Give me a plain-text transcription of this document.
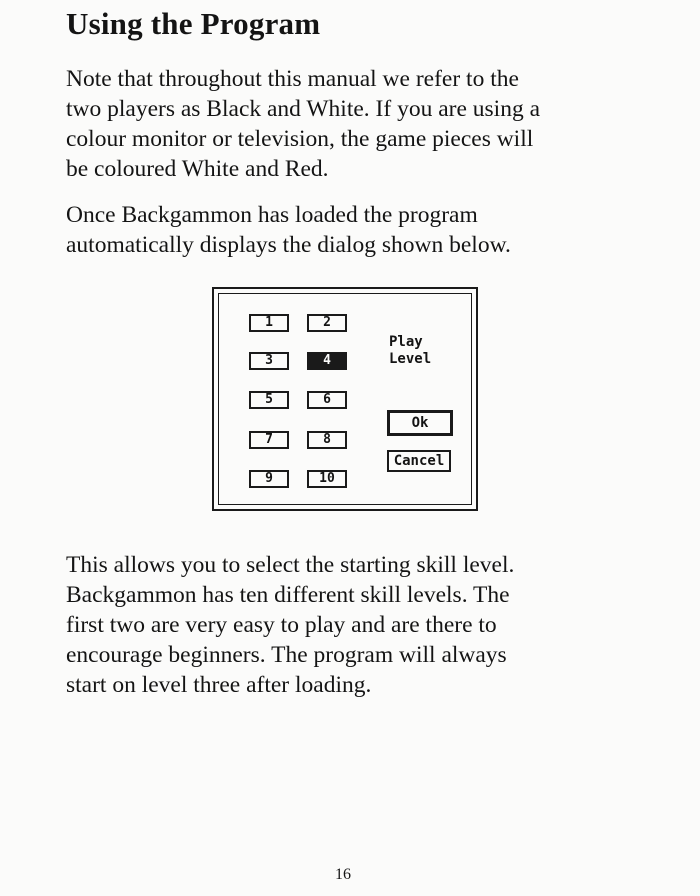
Using the Program

Note that throughout this manual we refer to the
two players as Black and White. If you are using a
colour monitor or television, the game pieces will
be coloured White and Red.

Once Backgammon has loaded the program
automatically displays the dialog shown below.

1	2
3	4
5	6
7	8
9	10
Play
Level
Ok
Cancel

This allows you to select the starting skill level.
Backgammon has ten different skill levels. The
first two are very easy to play and are there to
encourage beginners. The program will always
start on level three after loading.

16
